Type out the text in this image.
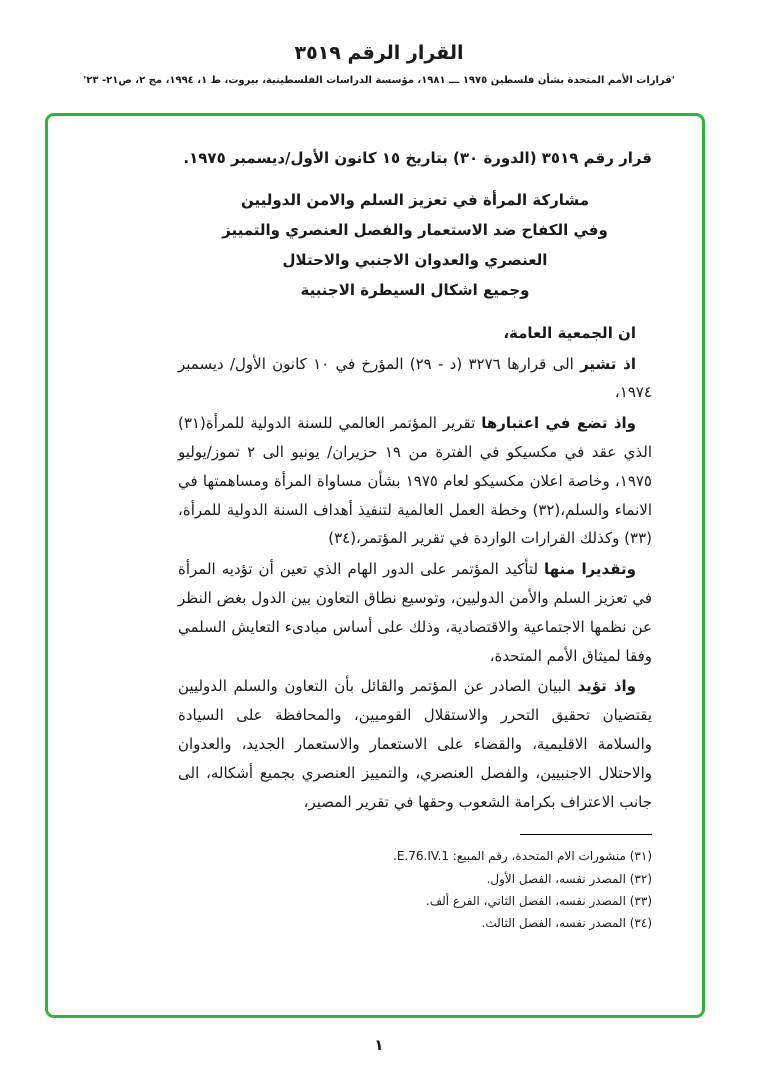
القرار الرقم ٣٥١٩
'قرارات الأمم المتحدة بشأن فلسطين ١٩٧٥ ـــ ١٩٨١، مؤسسة الدراسات الفلسطينية، بيروت، ط ١، ١٩٩٤، مج ٢، ص٢١- ٢٣'

قرار رقم ٣٥١٩ (الدورة ٣٠) بتاريخ ١٥ كانون الأول/ديسمبر ١٩٧٥.

مشاركة المرأة في تعزيز السلم والامن الدوليين
وفي الكفاح ضد الاستعمار والفصل العنصري والتمييز
العنصري والعدوان الاجنبي والاحتلال
وجميع اشكال السيطرة الاجنبية

ان الجمعية العامة،

اذ تشير الى قرارها ٣٢٧٦ (د - ٢٩) المؤرخ في ١٠ كانون الأول/ ديسمبر ١٩٧٤،

واذ تضع في اعتبارها تقرير المؤتمر العالمي للسنة الدولية للمرأة(٣١) الذي عقد في مكسيكو في الفترة من ١٩ حزيران/ يونيو الى ٢ تموز/يوليو ١٩٧٥، وخاصة اعلان مكسيكو لعام ١٩٧٥ بشأن مساواة المرأة ومساهمتها في الانماء والسلم،(٣٢) وخطة العمل العالمية لتنفيذ أهداف السنة الدولية للمرأة،(٣٣) وكذلك القرارات الواردة في تقرير المؤتمر،(٣٤)

وتقديرا منها لتأكيد المؤتمر على الدور الهام الذي تعين أن تؤديه المرأة في تعزيز السلم والأمن الدوليين، وتوسيع نطاق التعاون بين الدول بغض النظر عن نظمها الاجتماعية والاقتصادية، وذلك على أساس مبادىء التعايش السلمي وفقا لميثاق الأمم المتحدة،

واذ تؤيد البيان الصادر عن المؤتمر والقائل بأن التعاون والسلم الدوليين يقتضيان تحقيق التحرر والاستقلال القوميين، والمحافظة على السيادة والسلامة الاقليمية، والقضاء على الاستعمار والاستعمار الجديد، والعدوان والاحتلال الاجنبيين، والفصل العنصري، والتمييز العنصري بجميع أشكاله، الى جانب الاعتراف بكرامة الشعوب وحقها في تقرير المصير،

(٣١) منشورات الام المتحدة، رقم المبيع: E.76.IV.1.
(٣٢) المصدر نفسه، الفصل الأول.
(٣٣) المصدر نفسه، الفصل الثاني، الفرع ألف.
(٣٤) المصدر نفسه، الفصل الثالث.
١
